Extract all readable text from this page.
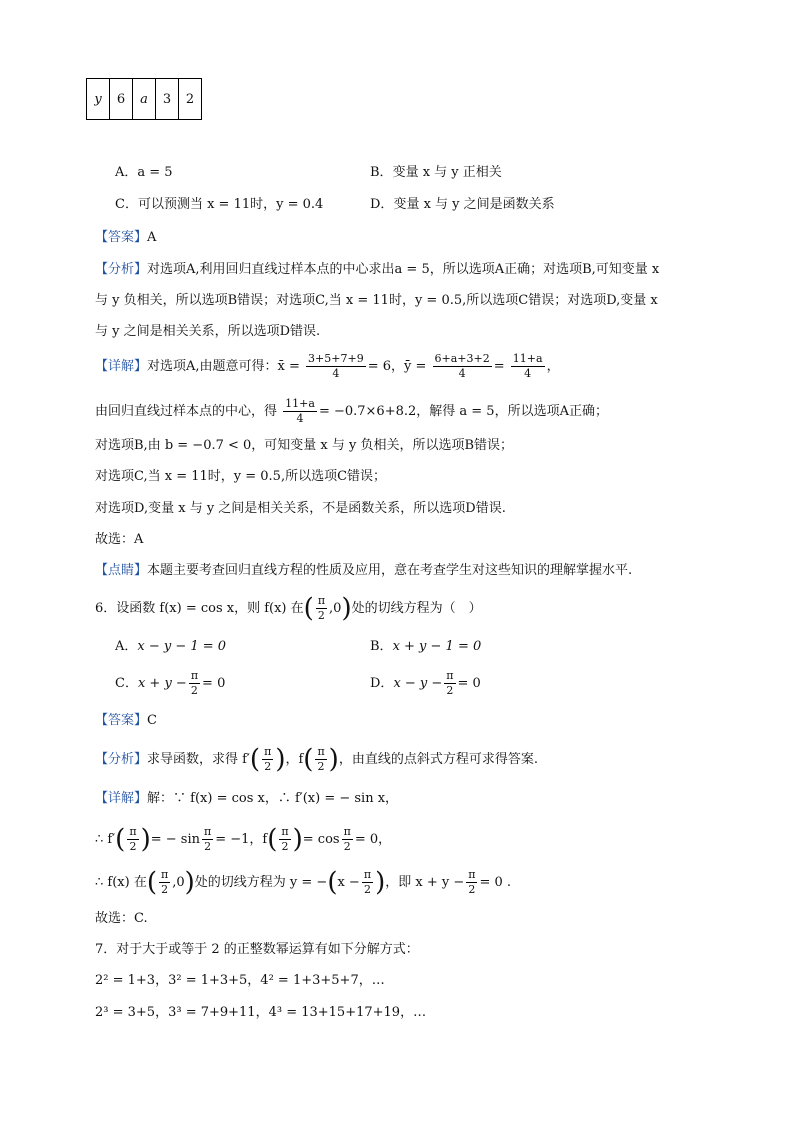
y	6	a	3	2
A．a = 5	B．变量 x 与 y 正相关
C．可以预测当 x = 11时，y = 0.4	D．变量 x 与 y 之间是函数关系
【答案】A
【分析】对选项A,利用回归直线过样本点的中心求出a = 5，所以选项A正确；对选项B,可知变量 x
与 y 负相关，所以选项B错误；对选项C,当 x = 11时，y = 0.5,所以选项C错误；对选项D,变量 x
与 y 之间是相关关系，所以选项D错误.
【详解】对选项A,由题意可得：x̄ = $\frac{3+5+7+9}{4} = 6$，ȳ = $\frac{6+a+3+2}{4} = \frac{11+a}{4}$ ，
由回归直线过样本点的中心，得 $\frac{11+a}{4} = -0.7\times 6+8.2$，解得 a = 5，所以选项A正确；
对选项B,由 b = −0.7 < 0，可知变量 x 与 y 负相关，所以选项B错误；
对选项C,当 x = 11时，y = 0.5,所以选项C错误；
对选项D,变量 x 与 y 之间是相关关系，不是函数关系，所以选项D错误.
故选：A
【点睛】本题主要考查回归直线方程的性质及应用，意在考查学生对这些知识的理解掌握水平.
6．设函数 f(x) = cos x，则 f(x) 在( $\frac{\pi}{2} ,0$)处的切线方程为（　）
A．x − y − 1 = 0	B．x + y − 1 = 0
C．$x + y - \frac{\pi}{2} = 0$	D．$x - y - \frac{\pi}{2} = 0$
【答案】C
【分析】求导函数，求得 $f'( \frac{\pi}{2}$ )，$f( \frac{\pi}{2}$ )，由直线的点斜式方程可求得答案.
【详解】解：∵ f(x) = cos x，∴ f′(x) = − sin x，
∴ $f'( \frac{\pi}{2}$ )= − $\sin \frac{\pi}{2} = -1$，$f( \frac{\pi}{2}$ )= $\cos \frac{\pi}{2} = 0$，
∴ f(x) 在( $\frac{\pi}{2} ,0$)处的切线方程为 $y = -(x - \frac{\pi}{2}$ )，即 $x + y - \frac{\pi}{2} = 0$ .
故选：C.
7．对于大于或等于 2 的正整数幂运算有如下分解方式：
2² = 1+3，3² = 1+3+5，4² = 1+3+5+7，…
2³ = 3+5，3³ = 7+9+11，4³ = 13+15+17+19，…
